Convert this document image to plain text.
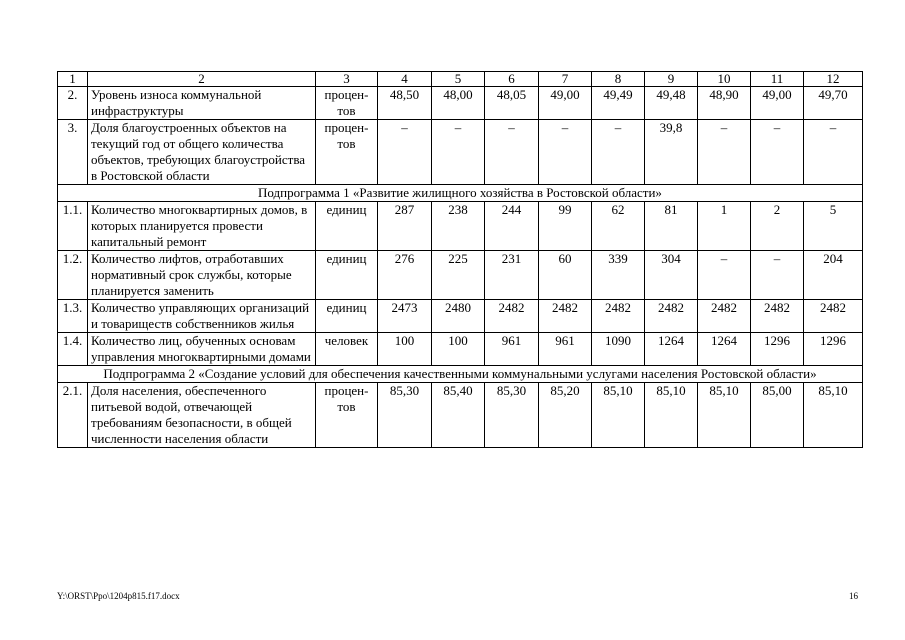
1	2	3	4	5	6	7	8	9	10	11	12
2.	Уровень износа коммунальной инфраструктуры	процен-тов	48,50	48,00	48,05	49,00	49,49	49,48	48,90	49,00	49,70
3.	Доля благоустроенных объектов на текущий год от общего количества объектов, требующих благоустройства в Ростовской области	процен-тов	–	–	–	–	–	39,8	–	–	–
Подпрограмма 1 «Развитие жилищного хозяйства в Ростовской области»											
1.1.	Количество многоквартирных домов, в которых планируется провести капитальный ремонт	единиц	287	238	244	99	62	81	1	2	5
1.2.	Количество лифтов, отработавших нормативный срок службы, которые планируется заменить	единиц	276	225	231	60	339	304	–	–	204
1.3.	Количество управляющих организаций и товариществ собственников жилья	единиц	2473	2480	2482	2482	2482	2482	2482	2482	2482
1.4.	Количество лиц, обученных основам управления многоквартирными домами	человек	100	100	961	961	1090	1264	1264	1296	1296
Подпрограмма 2 «Создание условий для обеспечения качественными коммунальными услугами населения Ростовской области»											
2.1.	Доля населения, обеспеченного питьевой водой, отвечающей требованиям безопасности, в общей численности населения области	процен-тов	85,30	85,40	85,30	85,20	85,10	85,10	85,10	85,00	85,10
Y:\ORST\Ppo\1204p815.f17.docx	16
